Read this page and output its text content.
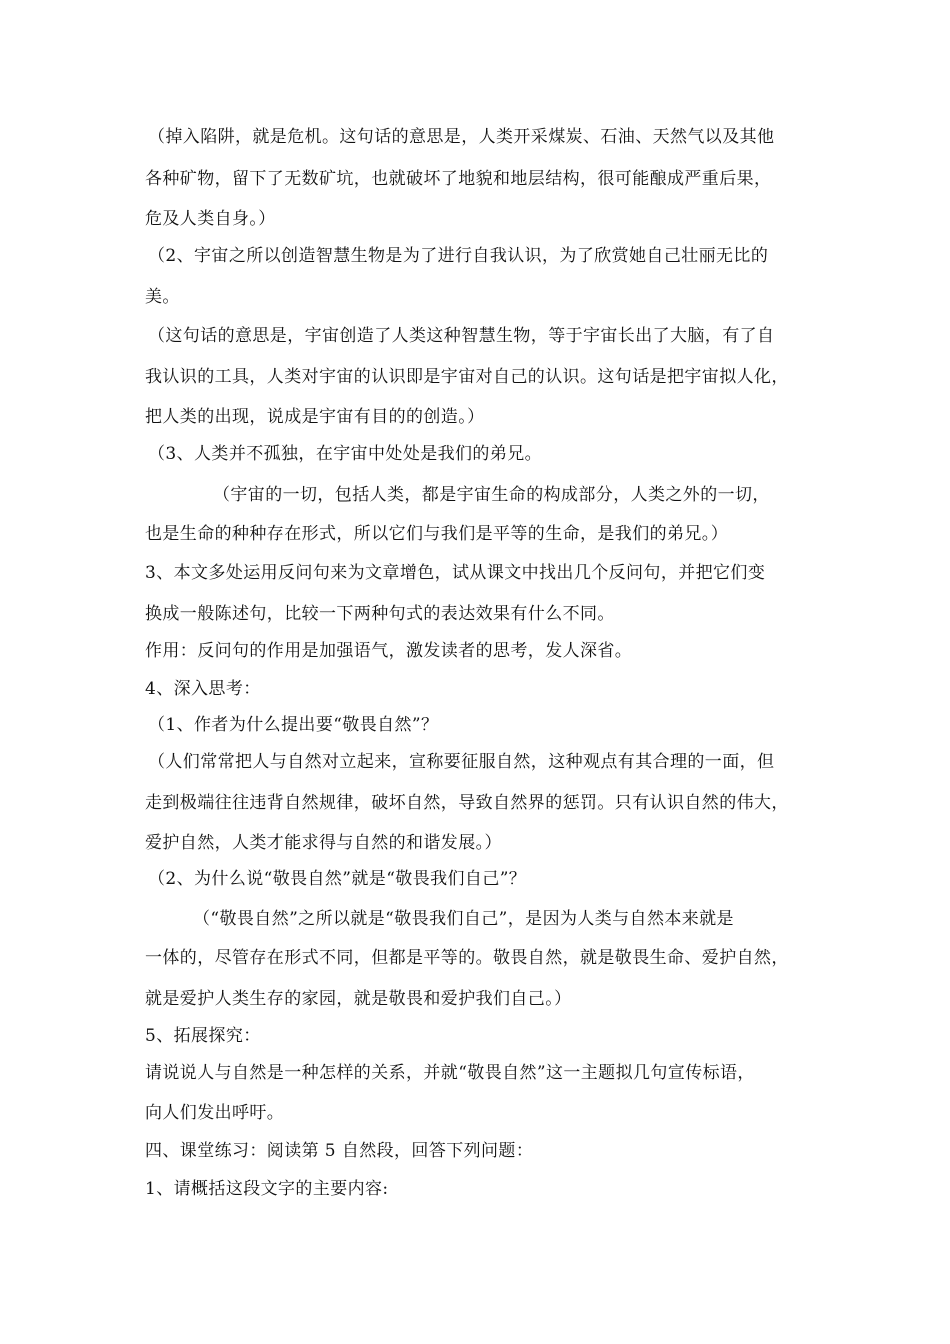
（掉入陷阱，就是危机。这句话的意思是，人类开采煤炭、石油、天然气以及其他
各种矿物，留下了无数矿坑，也就破坏了地貌和地层结构，很可能酿成严重后果，
危及人类自身。）
（2、宇宙之所以创造智慧生物是为了进行自我认识，为了欣赏她自己壮丽无比的
美。
（这句话的意思是，宇宙创造了人类这种智慧生物，等于宇宙长出了大脑，有了自
我认识的工具，人类对宇宙的认识即是宇宙对自己的认识。这句话是把宇宙拟人化，
把人类的出现，说成是宇宙有目的的创造。）
（3、人类并不孤独，在宇宙中处处是我们的弟兄。
（宇宙的一切，包括人类，都是宇宙生命的构成部分，人类之外的一切，
也是生命的种种存在形式，所以它们与我们是平等的生命，是我们的弟兄。）
3、本文多处运用反问句来为文章增色，试从课文中找出几个反问句，并把它们变
换成一般陈述句，比较一下两种句式的表达效果有什么不同。
作用：反问句的作用是加强语气，激发读者的思考，发人深省。
4、深入思考：
（1、作者为什么提出要“敬畏自然”？
（人们常常把人与自然对立起来，宣称要征服自然，这种观点有其合理的一面，但
走到极端往往违背自然规律，破坏自然，导致自然界的惩罚。只有认识自然的伟大，
爱护自然，人类才能求得与自然的和谐发展。）
（2、为什么说“敬畏自然”就是“敬畏我们自己”？
（“敬畏自然”之所以就是“敬畏我们自己”，是因为人类与自然本来就是
一体的，尽管存在形式不同，但都是平等的。敬畏自然，就是敬畏生命、爱护自然，
就是爱护人类生存的家园，就是敬畏和爱护我们自己。）
5、拓展探究：
请说说人与自然是一种怎样的关系，并就“敬畏自然”这一主题拟几句宣传标语，
向人们发出呼吁。
四、课堂练习：阅读第 5 自然段，回答下列问题：
1、请概括这段文字的主要内容:
